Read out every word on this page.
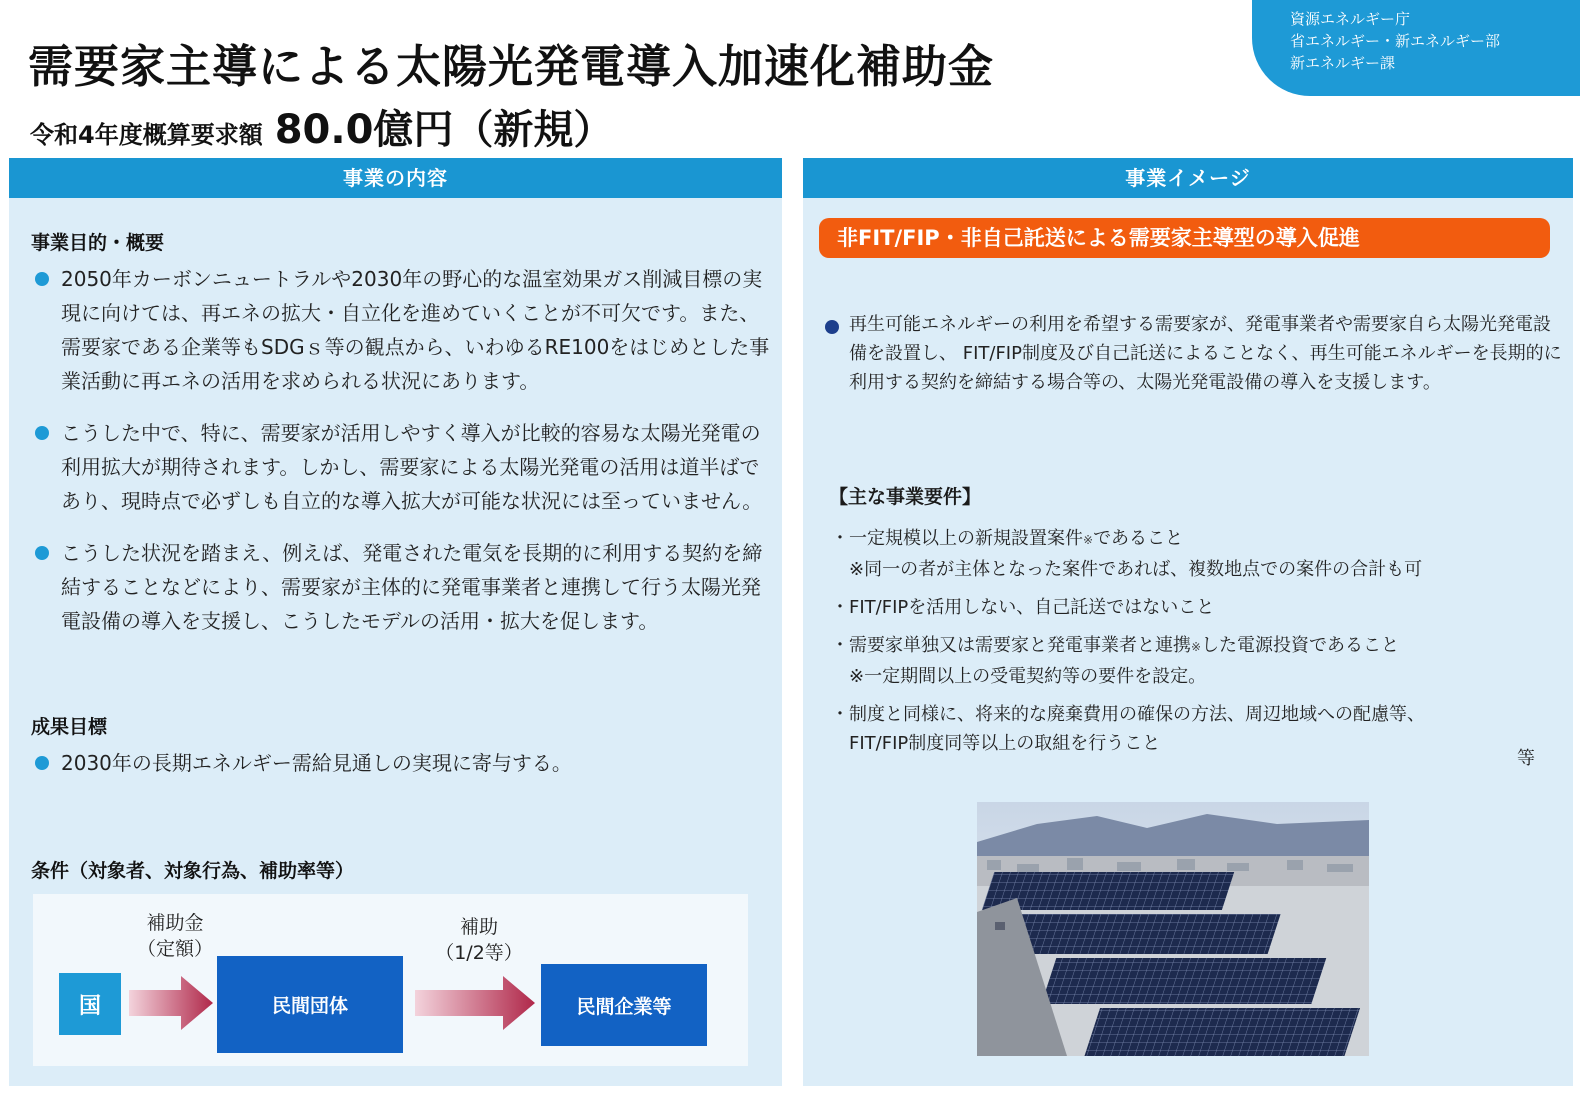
需要家主導による太陽光発電導入加速化補助金
令和4年度概算要求額 80.0億円（新規）
資源エネルギー庁
省エネルギー・新エネルギー部
新エネルギー課
事業の内容
事業目的・概要
2050年カーボンニュートラルや2030年の野心的な温室効果ガス削減目標の実現に向けては、再エネの拡大・自立化を進めていくことが不可欠です。また、需要家である企業等もSDGｓ等の観点から、いわゆるRE100をはじめとした事業活動に再エネの活用を求められる状況にあります。
こうした中で、特に、需要家が活用しやすく導入が比較的容易な太陽光発電の利用拡大が期待されます。しかし、需要家による太陽光発電の活用は道半ばであり、現時点で必ずしも自立的な導入拡大が可能な状況には至っていません。
こうした状況を踏まえ、例えば、発電された電気を長期的に利用する契約を締結することなどにより、需要家が主体的に発電事業者と連携して行う太陽光発電設備の導入を支援し、こうしたモデルの活用・拡大を促します。
成果目標
2030年の長期エネルギー需給見通しの実現に寄与する。
条件（対象者、対象行為、補助率等）
補助金
（定額）
補助
（1/2等）
国	民間団体	民間企業等
事業イメージ
非FIT/FIP・非自己託送による需要家主導型の導入促進
再生可能エネルギーの利用を希望する需要家が、発電事業者や需要家自ら太陽光発電設備を設置し、 FIT/FIP制度及び自己託送によることなく、再生可能エネルギーを長期的に利用する契約を締結する場合等の、太陽光発電設備の導入を支援します。
【主な事業要件】
・一定規模以上の新規設置案件※であること
※同一の者が主体となった案件であれば、複数地点での案件の合計も可
・FIT/FIPを活用しない、自己託送ではないこと
・需要家単独又は需要家と発電事業者と連携※した電源投資であること
※一定期間以上の受電契約等の要件を設定。
・制度と同様に、将来的な廃棄費用の確保の方法、周辺地域への配慮等、
FIT/FIP制度同等以上の取組を行うこと
等
